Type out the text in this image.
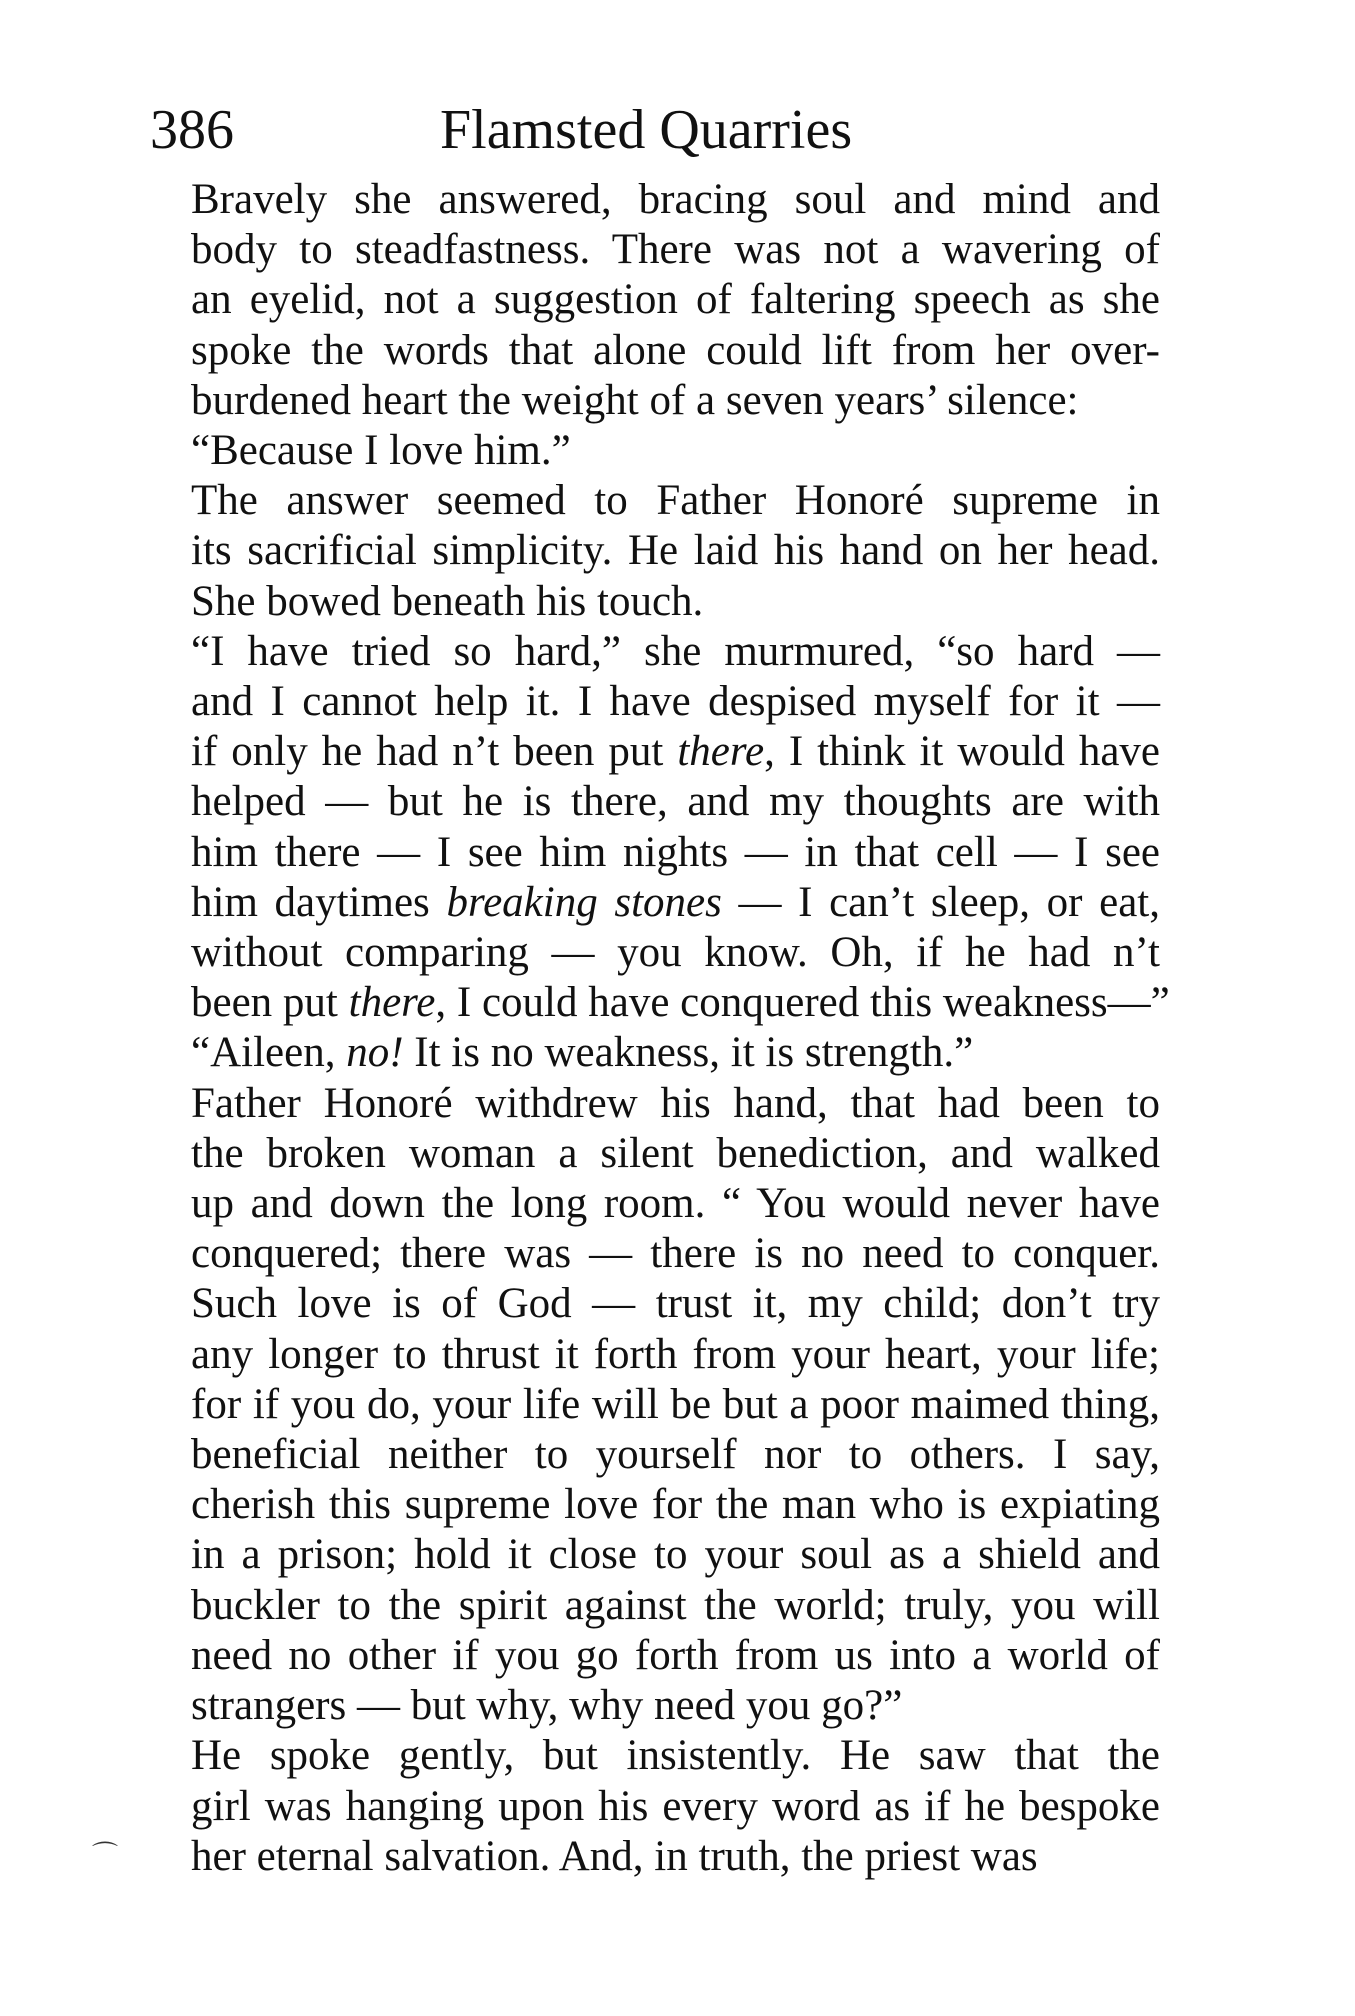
386	Flamsted Quarries
Bravely she answered, bracing soul and mind and
body to steadfastness. There was not a wavering of
an eyelid, not a suggestion of faltering speech as she
spoke the words that alone could lift from her over-
burdened heart the weight of a seven years’ silence:
“Because I love him.”
The answer seemed to Father Honoré supreme in
its sacrificial simplicity. He laid his hand on her head.
She bowed beneath his touch.
“I have tried so hard,” she murmured, “so hard —
and I cannot help it. I have despised myself for it —
if only he had n’t been put there, I think it would have
helped — but he is there, and my thoughts are with
him there — I see him nights — in that cell — I see
him daytimes breaking stones — I can’t sleep, or eat,
without comparing — you know. Oh, if he had n’t
been put there, I could have conquered this weakness—”
“Aileen, no! It is no weakness, it is strength.”
Father Honoré withdrew his hand, that had been to
the broken woman a silent benediction, and walked
up and down the long room. “ You would never have
conquered; there was — there is no need to conquer.
Such love is of God — trust it, my child; don’t try
any longer to thrust it forth from your heart, your life;
for if you do, your life will be but a poor maimed thing,
beneficial neither to yourself nor to others. I say,
cherish this supreme love for the man who is expiating
in a prison; hold it close to your soul as a shield and
buckler to the spirit against the world; truly, you will
need no other if you go forth from us into a world of
strangers — but why, why need you go?”
He spoke gently, but insistently. He saw that the
girl was hanging upon his every word as if he bespoke
her eternal salvation. And, in truth, the priest was
⌒
